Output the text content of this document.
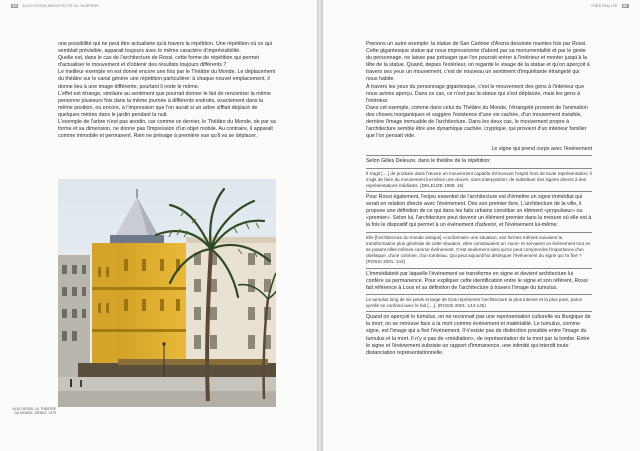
88 ALDO ROSSI ARCHITECTE DU SUSPENS

une possibilité qui ne peut être actualisée qu'à travers la répétition. Une répétition où ce qui semblait prévisible, apparait toujours avec le même caractère d'imprévisibilité.

Quelle est, dans le cas de l'architecture de Rossi, cette forme de répétition qui permet d'actualiser le mouvement et d'obtenir des résultats toujours différents ?

Le meilleur exemple en est donné encore une fois par le Théâtre du Monde. Le déplacement du théâtre sur le canal génère une répétition particulière: à chaque nouvel emplacement, il donne lieu à une image différente, pourtant il reste le même.

L'effet est étrange, similaire au sentiment que pourrait donner le fait de rencontrer la même personne plusieurs fois dans la même journée à différents endroits, exactement dans la même position, ou encore, à l'impression que l'on aurait si un arbre sifflait déplacé de quelques mètres dans le jardin pendant la nuit.

L'exemple de l'arbre n'est pas anodin, car comme ce dernier, le Théâtre du Monde, de par sa forme et sa dimension, ne donne pas l'impression d'un objet mobile. Au contraire, il apparait comme immobile et permanent. Rien ne présage à première vue qu'il va se déplacer.

ALDO ROSSI, LE THÉÂTRE DU MONDE, GÊNES, 1979
THÉÂTRALITÉ 89

Prenons un autre exemple: la statue de San Carlone d'Arona dessinée maintes fois par Rossi. Cette gigantesque statue qui nous impressionne d'abord par sa monumentalité et par le geste du personnage, ne laisse pas présager que l'on pourrait entrer à l'intérieur et monter jusqu'à la tête de la statue. Quand, depuis l'extérieur, on regarde le visage de la statue et qu'on aperçoit à travers ses yeux un mouvement, c'est de nouveau un sentiment d'inquiétante étrangeté qui nous habite.

À travers les yeux du personnage gigantesque, c'est le mouvement des gens à l'intérieur que nous avions aperçu. Dans ce cas, ce n'est pas la statue qui s'est déplacée, mais les gens à l'intérieur.

Dans cet exemple, comme dans celui du Théâtre du Monde, l'étrangeté provient de l'animation des choses inorganiques et suggère l'existence d'une vie cachée, d'un mouvement invisible, derrière l'image immuable de l'architecture. Dans les deux cas, le mouvement propre à l'architecture semble être une dynamique cachée, cryptique, qui provient d'un intérieur familier que l'on pensait vide.

Le signe qui prend corps avec l'événement

Selon Gilles Deleuze, dans le théâtre de la répétition:

Il s'agit [....] de produire dans l'œuvre un mouvement capable d'émouvoir l'esprit hors de toute représentation; il s'agit de faire du mouvement lui-même une œuvre, sans interposition; de substituer des signes directs à des représentations médiates. (DELEUZE 1968: 16)

Pour Rossi également, l'enjeu essentiel de l'architecture est d'émettre un signe immédiat qui serait en relation directe avec l'événement. Dès son premier livre, L'architecture de la ville, il propose une définition de ce qui dans les faits urbains constitue un élément «propulseur» ou «premier». Selon lui, l'architecture peut devenir un élément premier dans la mesure où elle est à la fois le dispositif qui permet à un événement d'advenir, et l'événement lui-même:

Elle [l'architecture du monde antique] «conformait» une situation; ses formes mêmes suivaient la transformation plus générale de cette situation, elles constituaient un «tout» et servaient un événement tout en se posant elles-mêmes comme événement. C'est seulement ainsi qu'on peut comprendre l'importance d'un obélisque, d'une colonne, d'un tombeau. Qui peut aujourd'hui distinguer l'événement du signe qui l'a fixé ? (ROSSI 2001: 144)

L'immédiateté par laquelle l'événement se transforme en signe et devient architecture lui confère sa permanence. Pour expliquer cette identification entre le signe et son référent, Rossi fait référence à Loos et sa définition de l'architecture à travers l'image du tumulus.

Le tumulus long de six pieds et large de trois représente l'architecture la plus intense et la plus pure, parce qu'elle se confond avec le fait [....]. (ROSSI 2001: 144-145)

Quand on aperçoit le tumulus, on ne reconnait pas une représentation culturelle ou liturgique de la mort; on se retrouve face à la mort comme événement et matérialité. Le tumulus, comme signe, est l'image qui a fixé l'événement. Il n'existe pas de distinction possible entre l'image du tumulus et la mort. Il n'y a pas de «médiation», de représentation de la mort par la tombe. Entre le signe et l'événement subsiste un rapport d'immanence, une intimité qui interdit toute distanciation représentationnelle.
